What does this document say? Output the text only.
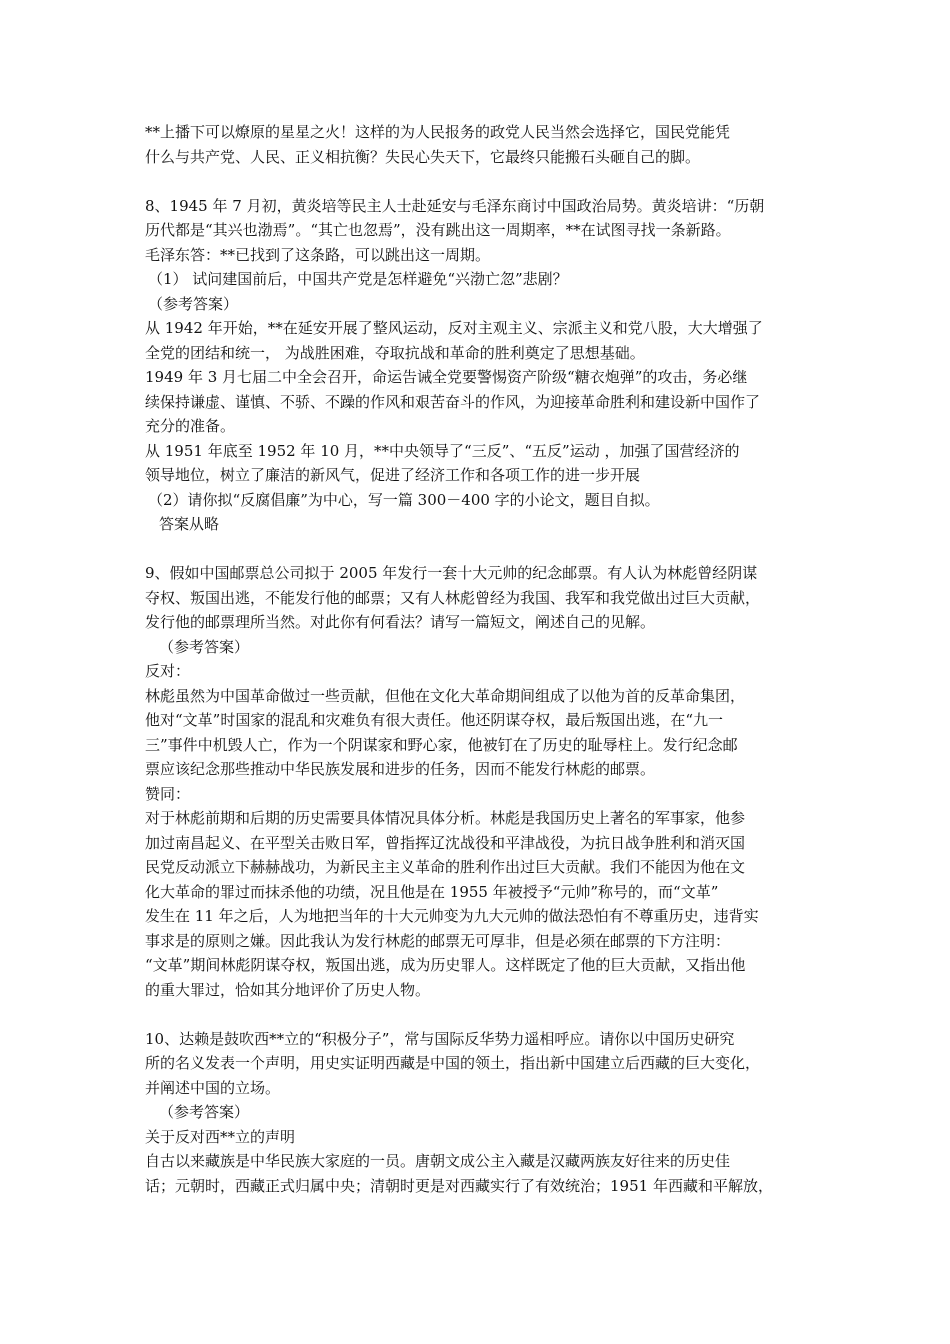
**上播下可以燎原的星星之火！这样的为人民报务的政党人民当然会选择它，国民党能凭
什么与共产党、人民、正义相抗衡？失民心失天下，它最终只能搬石头砸自己的脚。
8、1945 年 7 月初，黄炎培等民主人士赴延安与毛泽东商讨中国政治局势。黄炎培讲：“历朝
历代都是“其兴也渤焉”。“其亡也忽焉”，没有跳出这一周期率，**在试图寻找一条新路。
毛泽东答：**已找到了这条路，可以跳出这一周期。
（1） 试问建国前后，中国共产党是怎样避免“兴渤亡忽”悲剧？
（参考答案）
从 1942 年开始，**在延安开展了整风运动，反对主观主义、宗派主义和党八股，大大增强了
全党的团结和统一， 为战胜困难，夺取抗战和革命的胜利奠定了思想基础。
1949 年 3 月七届二中全会召开，命运告诫全党要警惕资产阶级“糖衣炮弹”的攻击，务必继
续保持谦虚、谨慎、不骄、不躁的作风和艰苦奋斗的作风，为迎接革命胜利和建设新中国作了
充分的准备。
从 1951 年底至 1952 年 10 月，**中央领导了“三反”、“五反”运动 ，加强了国营经济的
领导地位，树立了廉洁的新风气，促进了经济工作和各项工作的进一步开展
（2）请你拟“反腐倡廉”为中心，写一篇 300－400 字的小论文，题目自拟。
答案从略
9、假如中国邮票总公司拟于 2005 年发行一套十大元帅的纪念邮票。有人认为林彪曾经阴谋
夺权、叛国出逃，不能发行他的邮票；又有人林彪曾经为我国、我军和我党做出过巨大贡献，
发行他的邮票理所当然。对此你有何看法？请写一篇短文，阐述自己的见解。
（参考答案）
反对：
林彪虽然为中国革命做过一些贡献，但他在文化大革命期间组成了以他为首的反革命集团，
他对“文革”时国家的混乱和灾难负有很大责任。他还阴谋夺权，最后叛国出逃，在“九一
三”事件中机毁人亡，作为一个阴谋家和野心家，他被钉在了历史的耻辱柱上。发行纪念邮
票应该纪念那些推动中华民族发展和进步的任务，因而不能发行林彪的邮票。
赞同：
对于林彪前期和后期的历史需要具体情况具体分析。林彪是我国历史上著名的军事家，他参
加过南昌起义、在平型关击败日军，曾指挥辽沈战役和平津战役，为抗日战争胜利和消灭国
民党反动派立下赫赫战功，为新民主主义革命的胜利作出过巨大贡献。我们不能因为他在文
化大革命的罪过而抹杀他的功绩，况且他是在 1955 年被授予“元帅”称号的，而“文革”
发生在 11 年之后，人为地把当年的十大元帅变为九大元帅的做法恐怕有不尊重历史，违背实
事求是的原则之嫌。因此我认为发行林彪的邮票无可厚非，但是必须在邮票的下方注明：
“文革”期间林彪阴谋夺权，叛国出逃，成为历史罪人。这样既定了他的巨大贡献，又指出他
的重大罪过，恰如其分地评价了历史人物。
10、达赖是鼓吹西**立的“积极分子”，常与国际反华势力遥相呼应。请你以中国历史研究
所的名义发表一个声明，用史实证明西藏是中国的领土，指出新中国建立后西藏的巨大变化，
并阐述中国的立场。
（参考答案）
关于反对西**立的声明
自古以来藏族是中华民族大家庭的一员。唐朝文成公主入藏是汉藏两族友好往来的历史佳
话；元朝时，西藏正式归属中央；清朝时更是对西藏实行了有效统治；1951 年西藏和平解放，
